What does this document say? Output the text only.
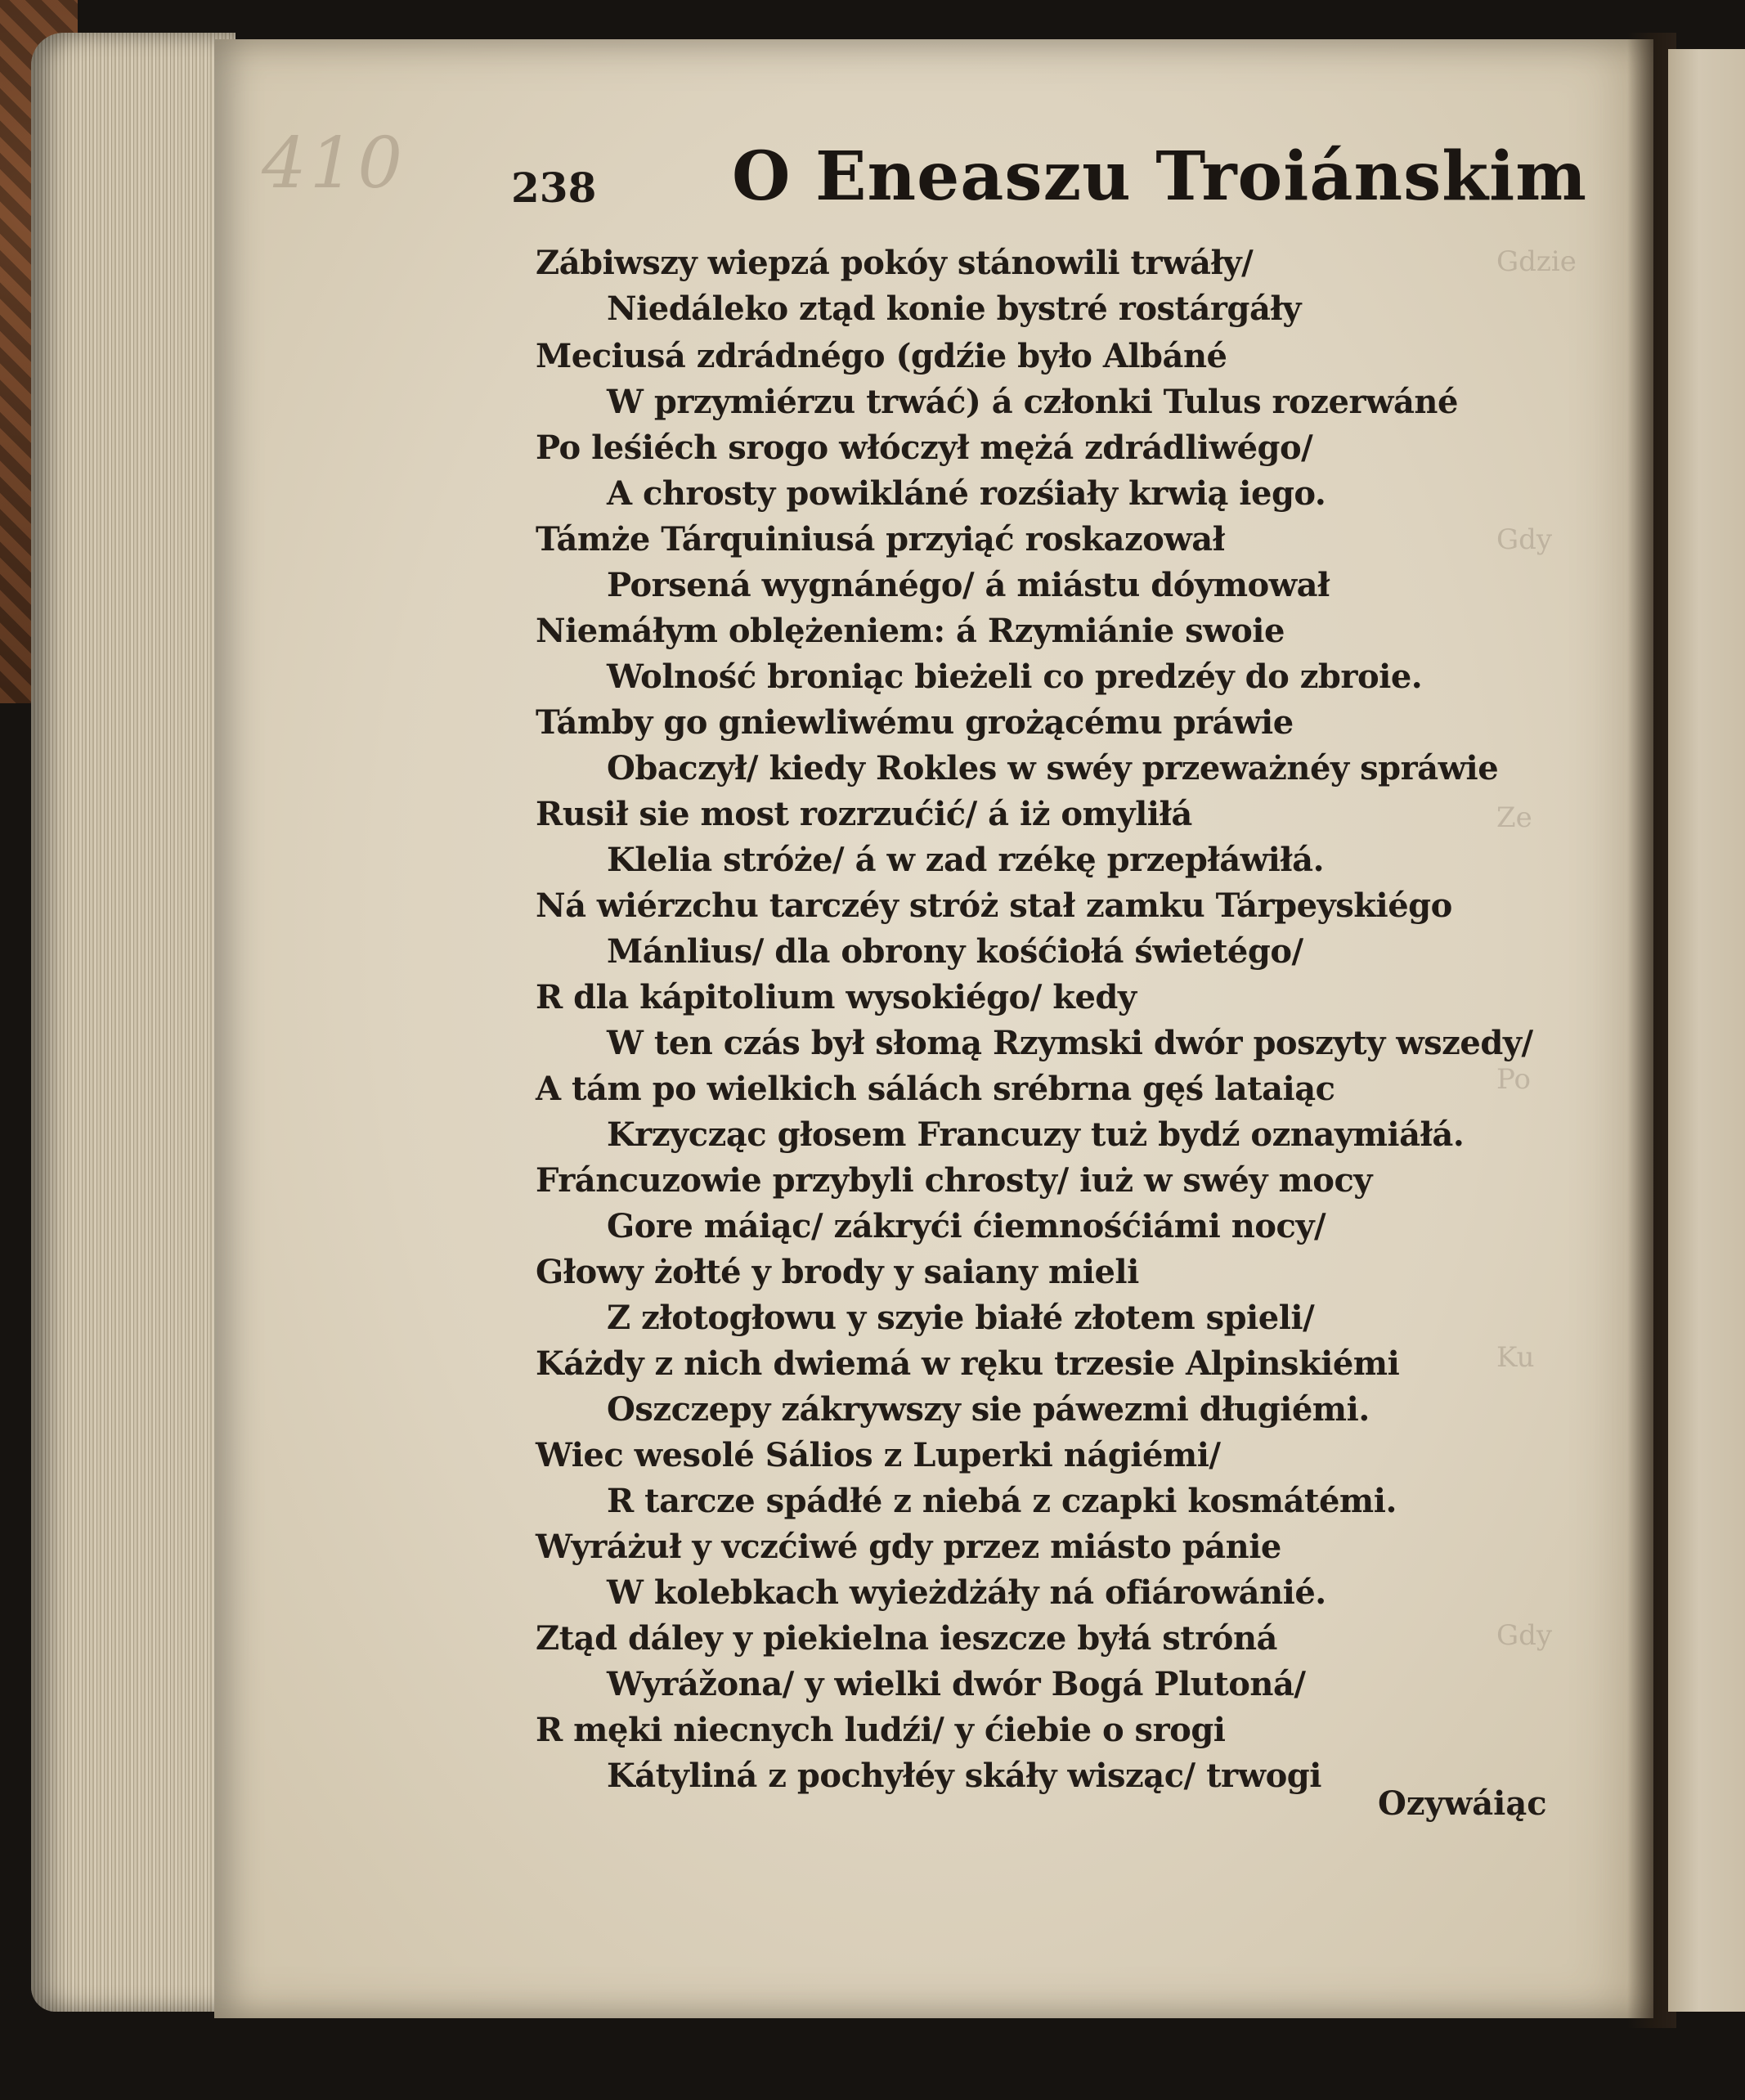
Gdzie
Gdy
Ze
Po
Ku
Gdy
410	238 O Eneaszu Troiánskim
Zábiwszy wiepzá pokóy stánowili trwáły/
Niedáleko ztąd konie bystré rostárgáły
Meciusá zdrádnégo (gdźie było Albáné
W przymiérzu trwáć) á członki Tulus rozerwáné
Po leśiéch srogo włóczył mężá zdrádliwégo/
A chrosty powikláné rozśiały krwią iego.
Támże Tárquiniusá przyiąć roskazował
Porsená wygnánégo/ á miástu dóymował
Niemáłym oblężeniem: á Rzymiánie swoie
Wolność broniąc bieżeli co predzéy do zbroie.
Támby go gniewliwému grożącému práwie
Obaczył/ kiedy Rokles w swéy przeważnéy spráwie
Rusił sie most rozrzućić/ á iż omyliłá
Klelia stróże/ á w zad rzékę przepłáwiłá.
Ná wiérzchu tarczéy stróż stał zamku Tárpeyskiégo
Mánlius/ dla obrony kośćiołá świetégo/
R dla kápitolium wysokiégo/ kedy
W ten czás był słomą Rzymski dwór poszyty wszedy/
A tám po wielkich sálách srébrna gęś lataiąc
Krzycząc głosem Francuzy tuż bydź oznaymiáłá.
Fráncuzowie przybyli chrosty/ iuż w swéy mocy
Gore máiąc/ zákryći ćiemnośćiámi nocy/
Głowy żołté y brody y saiany mieli
Z złotogłowu y szyie białé złotem spieli/
Káżdy z nich dwiemá w ręku trzesie Alpinskiémi
Oszczepy zákrywszy sie páwezmi długiémi.
Wiec wesolé Sálios z Luperki nágiémi/
R tarcze spádłé z niebá z czapki kosmátémi.
Wyráżuł y vczćiwé gdy przez miásto pánie
W kolebkach wyieżdżáły ná ofiárowánié.
Ztąd dáley y piekielna ieszcze byłá stróná
Wyrážona/ y wielki dwór Bogá Plutoná/
R męki niecnych ludźi/ y ćiebie o srogi
Kátyliná z pochyłéy skáły wisząc/ trwogi
Ozywáiąc
